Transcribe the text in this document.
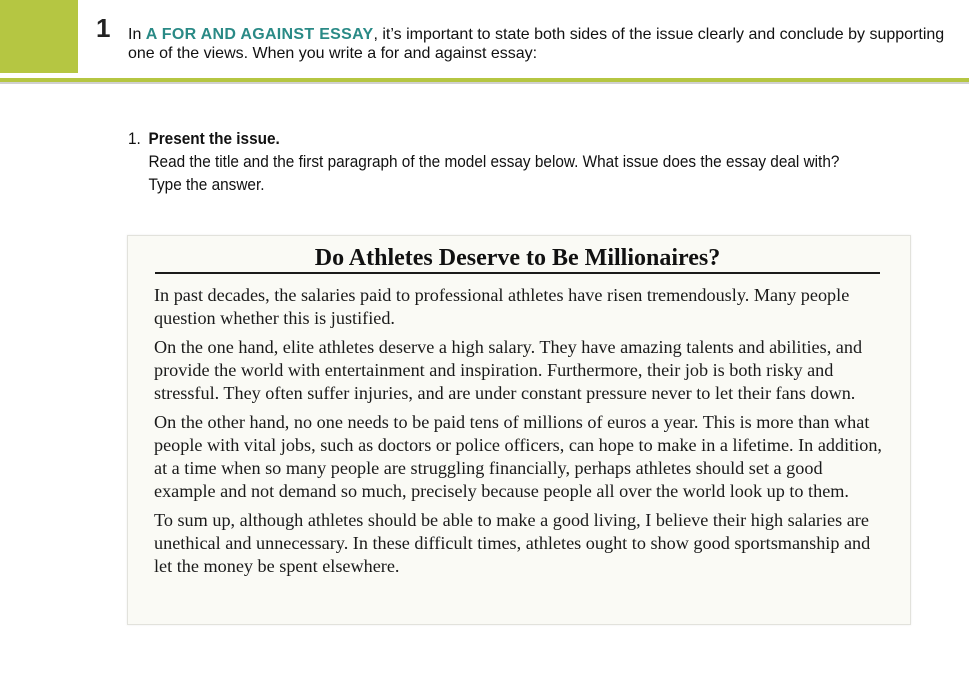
1 In A FOR AND AGAINST ESSAY, it’s important to state both sides of the issue clearly and conclude by supporting one of the views. When you write a for and against essay:
1. Present the issue.
Read the title and the first paragraph of the model essay below. What issue does the essay deal with? Type the answer.
Do Athletes Deserve to Be Millionaires?

In past decades, the salaries paid to professional athletes have risen tremendously. Many people question whether this is justified.

On the one hand, elite athletes deserve a high salary. They have amazing talents and abilities, and provide the world with entertainment and inspiration. Furthermore, their job is both risky and stressful. They often suffer injuries, and are under constant pressure never to let their fans down.

On the other hand, no one needs to be paid tens of millions of euros a year. This is more than what people with vital jobs, such as doctors or police officers, can hope to make in a lifetime. In addition, at a time when so many people are struggling financially, perhaps athletes should set a good example and not demand so much, precisely because people all over the world look up to them.

To sum up, although athletes should be able to make a good living, I believe their high salaries are unethical and unnecessary. In these difficult times, athletes ought to show good sportsmanship and let the money be spent elsewhere.
